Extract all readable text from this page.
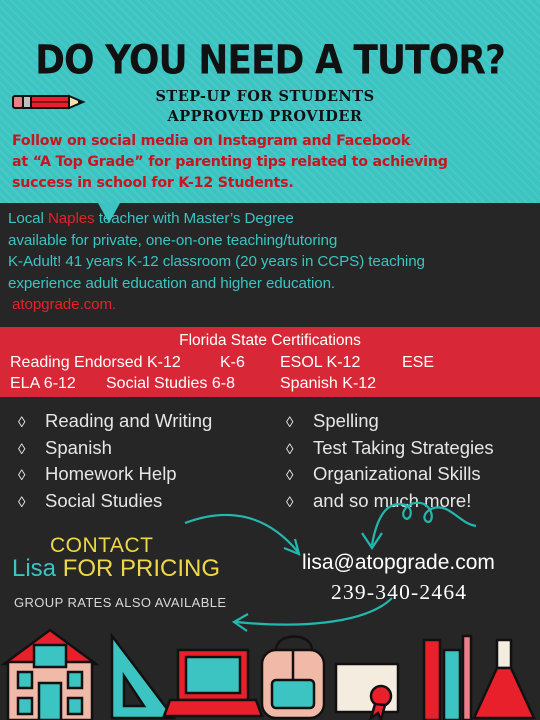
DO YOU NEED A TUTOR?
STEP-UP FOR STUDENTS
APPROVED PROVIDER
Follow on social media on Instagram and Facebook
at “A Top Grade” for parenting tips related to achieving
success in school for K-12 Students.
Local Naples teacher with Master’s Degree
available for private, one-on-one teaching/tutoring
K-Adult! 41 years K-12 classroom (20 years in CCPS) teaching
experience adult education and higher education.
atopgrade.com.
Florida State Certifications
Reading Endorsed K-12 K-6 ESOL K-12	ESE
ELA 6-12 Social Studies 6-8	Spanish K-12
◊ Reading and Writing
◊ Spanish
◊ Homework Help
◊ Social Studies
◊ Spelling
◊ Test Taking Strategies
◊ Organizational Skills
◊ and so much more!
CONTACT
Lisa FOR PRICING
GROUP RATES ALSO AVAILABLE
lisa@atopgrade.com
239-340-2464
